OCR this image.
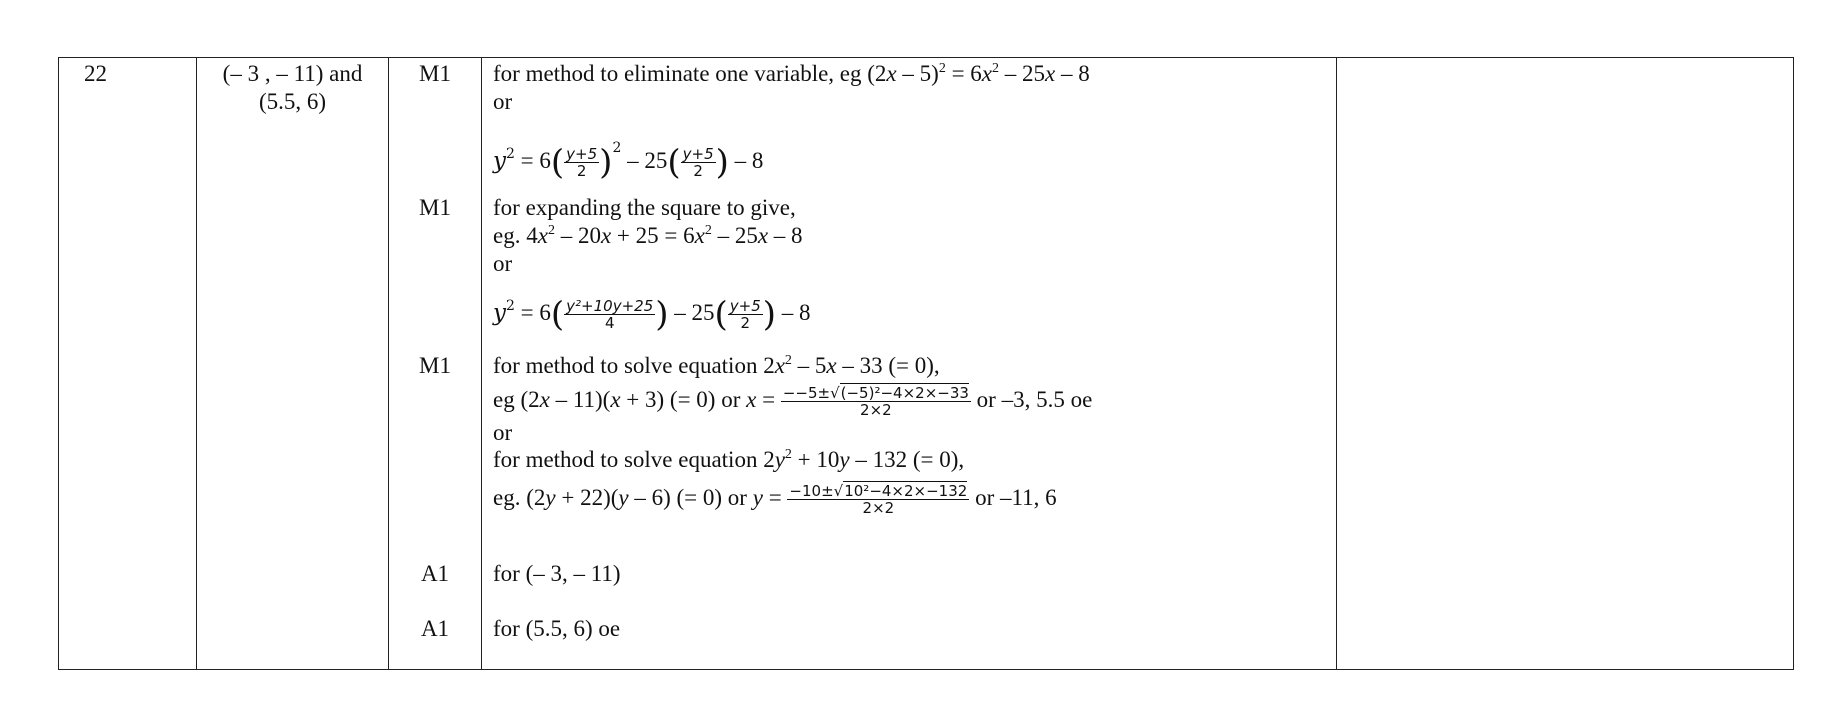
22	(– 3 , – 11) and
(5.5, 6)
M1
M1
M1
A1
A1
for method to eliminate one variable, eg $(2x - 5)^2 = 6x^2 - 25x - 8$
or
$y^2 = 6( \frac{y+5}{2} )^2 - 25( \frac{y+5}{2}$ ) – 8
for expanding the square to give,
eg. $4x^2 - 20x + 25 = 6x^2 - 25x - 8$
or
$y^2 = 6( \frac{\text{y²+10y+25}}{4}$ ) – $25( \frac{y+5}{2}$ ) – 8
for method to solve equation $2x^2 - 5x - 33$ (= 0),
eg (2x – 11)(x + 3) (= 0) or $x = \frac{\text{−−5±√(−5)²−4×2×−33}}{2\times 2}$ or –3, 5.5 oe
or
for method to solve equation $2y^2 + 10y - 132$ (= 0),
eg. (2y + 22)(y – 6) (= 0) or $y = \frac{\text{−10±√10²−4×2×−132}}{2\times 2}$ or –11, 6
for (– 3, – 11)
for (5.5, 6) oe
